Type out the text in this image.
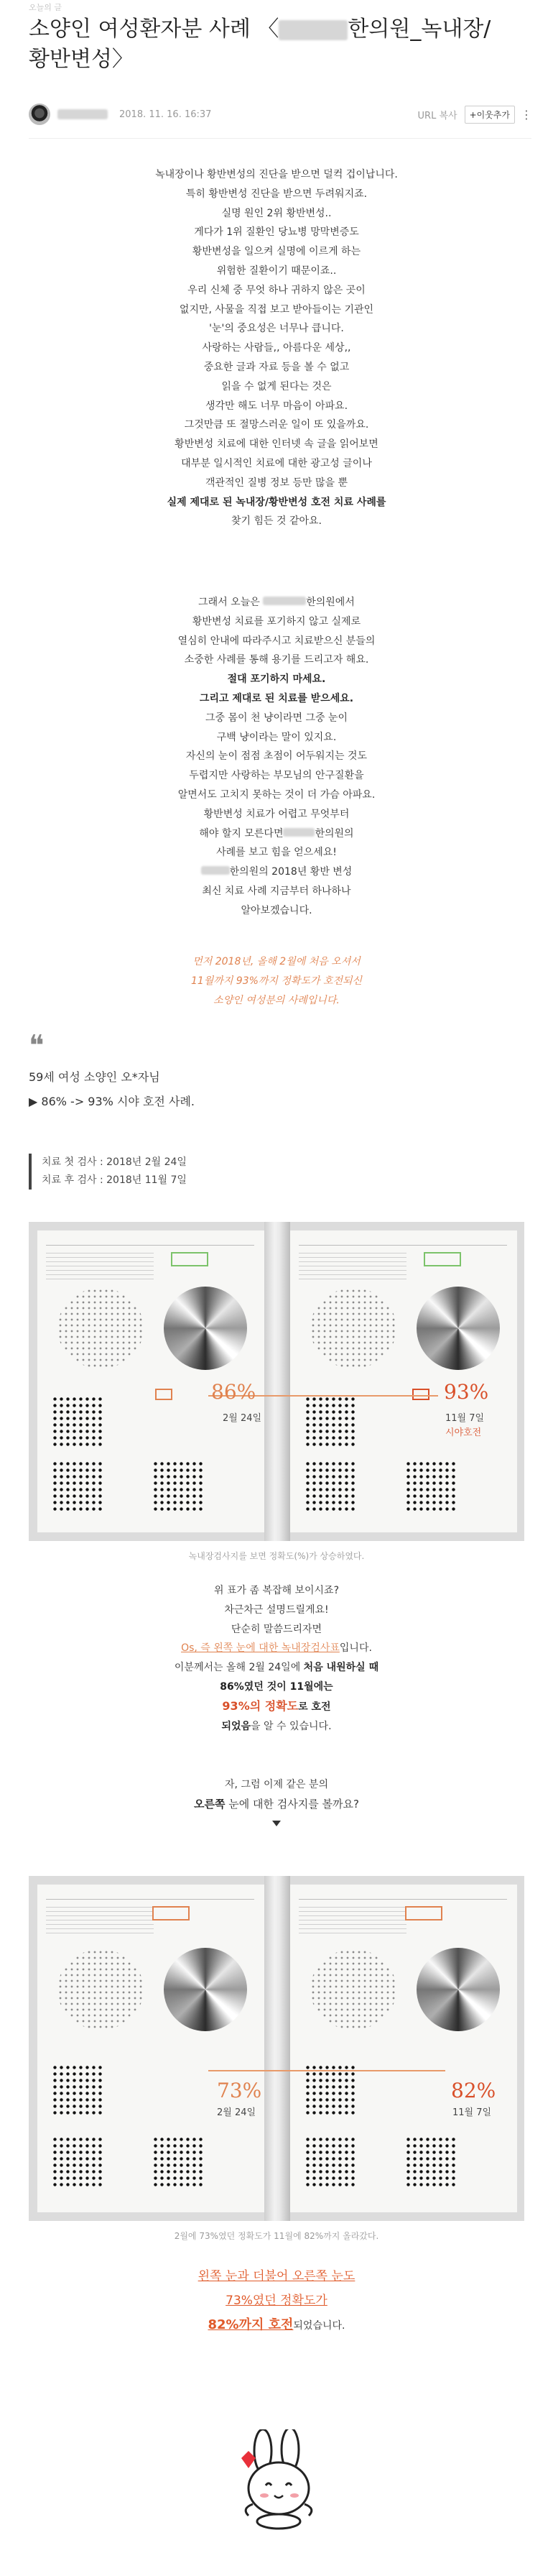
오늘의 글
소양인 여성환자분 사례 〈	한의원_녹내장/
황반변성〉
2018. 11. 16. 16:37	URL 복사	+이웃추가 ⋮

녹내장이나 황반변성의 진단을 받으면 덜컥 겁이납니다.

특히 황반변성 진단을 받으면 두려워지죠.

실명 원인 2위 황반변성..

게다가 1위 질환인 당뇨병 망막변증도

황반변성을 일으켜 실명에 이르게 하는

위험한 질환이기 때문이죠..

우리 신체 중 무엇 하나 귀하지 않은 곳이

없지만, 사물을 직접 보고 받아들이는 기관인

'눈'의 중요성은 너무나 큽니다.

사랑하는 사람들,, 아름다운 세상,,

중요한 글과 자료 등을 볼 수 없고

읽을 수 없게 된다는 것은

생각만 해도 너무 마음이 아파요.

그것만큼 또 절망스러운 일이 또 있을까요.

황반변성 치료에 대한 인터넷 속 글을 읽어보면

대부분 일시적인 치료에 대한 광고성 글이나

객관적인 질병 정보 등만 많을 뿐

실제 제대로 된 녹내장/황반변성 호전 치료 사례를

찾기 힘든 것 같아요.

그래서 오늘은	한의원에서

황반변성 치료를 포기하지 않고 실제로

열심히 안내에 따라주시고 치료받으신 분들의

소중한 사례를 통해 용기를 드리고자 해요.

절대 포기하지 마세요.

그리고 제대로 된 치료를 받으세요.

그중 몸이 천 냥이라면 그중 눈이

구백 냥이라는 말이 있지요.

자신의 눈이 점점 초점이 어두워지는 것도

두렵지만 사랑하는 부모님의 안구질환을

알면서도 고치지 못하는 것이 더 가슴 아파요.

황반변성 치료가 어렵고 무엇부터

해야 할지 모른다면	한의원의

사례를 보고 힘을 얻으세요!

한의원의 2018년 황반 변성

최신 치료 사례 지금부터 하나하나

알아보겠습니다.

먼저 2018년, 올해 2월에 처음 오셔서

11월까지 93%까지 정확도가 호전되신

소양인 여성분의 사례입니다.

❝
59세 여성 소양인 오*자님
▶ 86% -> 93% 시야 호전 사례.
치료 첫 검사 : 2018년 2월 24일
치료 후 검사 : 2018년 11월 7일
86%
2월 24일
93%
11월 7일
시야호전
녹내장검사지를 보면 정확도(%)가 상승하였다.

위 표가 좀 복잡해 보이시죠?

차근차근 설명드릴게요!

단순히 말씀드리자면

Os, 즉 왼쪽 눈에 대한 녹내장검사표입니다.

이분께서는 올해 2월 24일에 처음 내원하실 때

86%였던 것이 11월에는

93%의 정확도로 호전

되었음을 알 수 있습니다.

자, 그럼 이제 같은 분의

오른쪽 눈에 대한 검사지를 볼까요?

73%
2월 24일
82%
11월 7일
2월에 73%였던 정확도가 11월에 82%까지 올라갔다.

왼쪽 눈과 더불어 오른쪽 눈도

73%였던 정확도가

82%까지 호전되었습니다.
